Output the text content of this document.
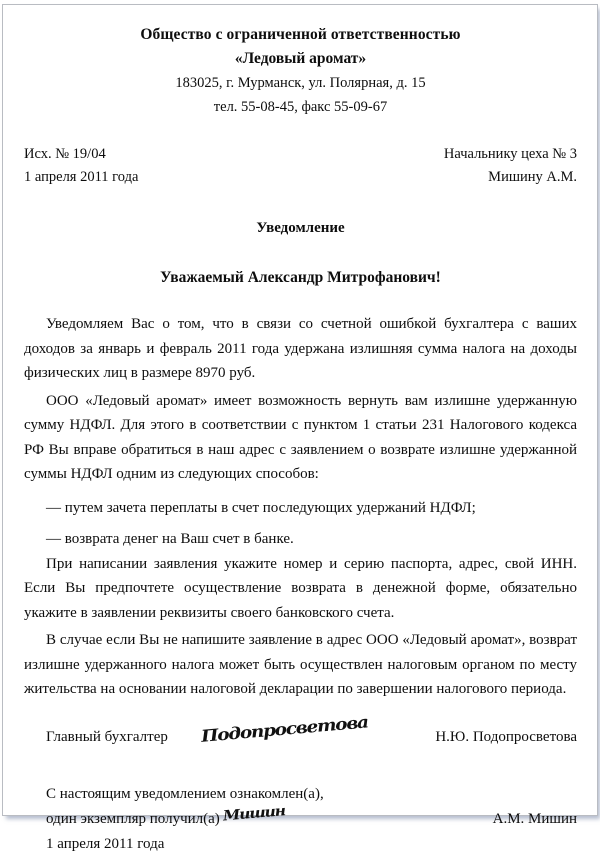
Общество с ограниченной ответственностью
«Ледовый аромат»
183025, г. Мурманск, ул. Полярная, д. 15
тел. 55-08-45, факс 55-09-67
Исх. № 19/04
1 апреля 2011 года
Начальнику цеха № 3
Мишину А.М.
Уведомление
Уважаемый Александр Митрофанович!

Уведомляем Вас о том, что в связи со счетной ошибкой бухгалтера с ваших доходов за январь и февраль 2011 года удержана излишняя сумма налога на доходы физических лиц в размере 8970 руб.

ООО «Ледовый аромат» имеет возможность вернуть вам излишне удержанную сумму НДФЛ. Для этого в соответствии с пунктом 1 статьи 231 Налогового кодекса РФ Вы вправе обратиться в наш адрес с заявлением о возврате излишне удержанной суммы НДФЛ одним из следующих способов:

— путем зачета переплаты в счет последующих удержаний НДФЛ;

— возврата денег на Ваш счет в банке.

При написании заявления укажите номер и серию паспорта, адрес, свой ИНН. Если Вы предпочтете осуществление возврата в денежной форме, обязательно укажите в заявлении реквизиты своего банковского счета.

В случае если Вы не напишите заявление в адрес ООО «Ледовый аромат», возврат излишне удержанного налога может быть осуществлен налоговым органом по месту жительства на основании налоговой декларации по завершении налогового периода.

Главный бухгалтер Подопросветова	Н.Ю. Подопросветова
С настоящим уведомлением ознакомлен(а),
один экземпляр получил(а) Мишин	А.М. Мишин
1 апреля 2011 года
